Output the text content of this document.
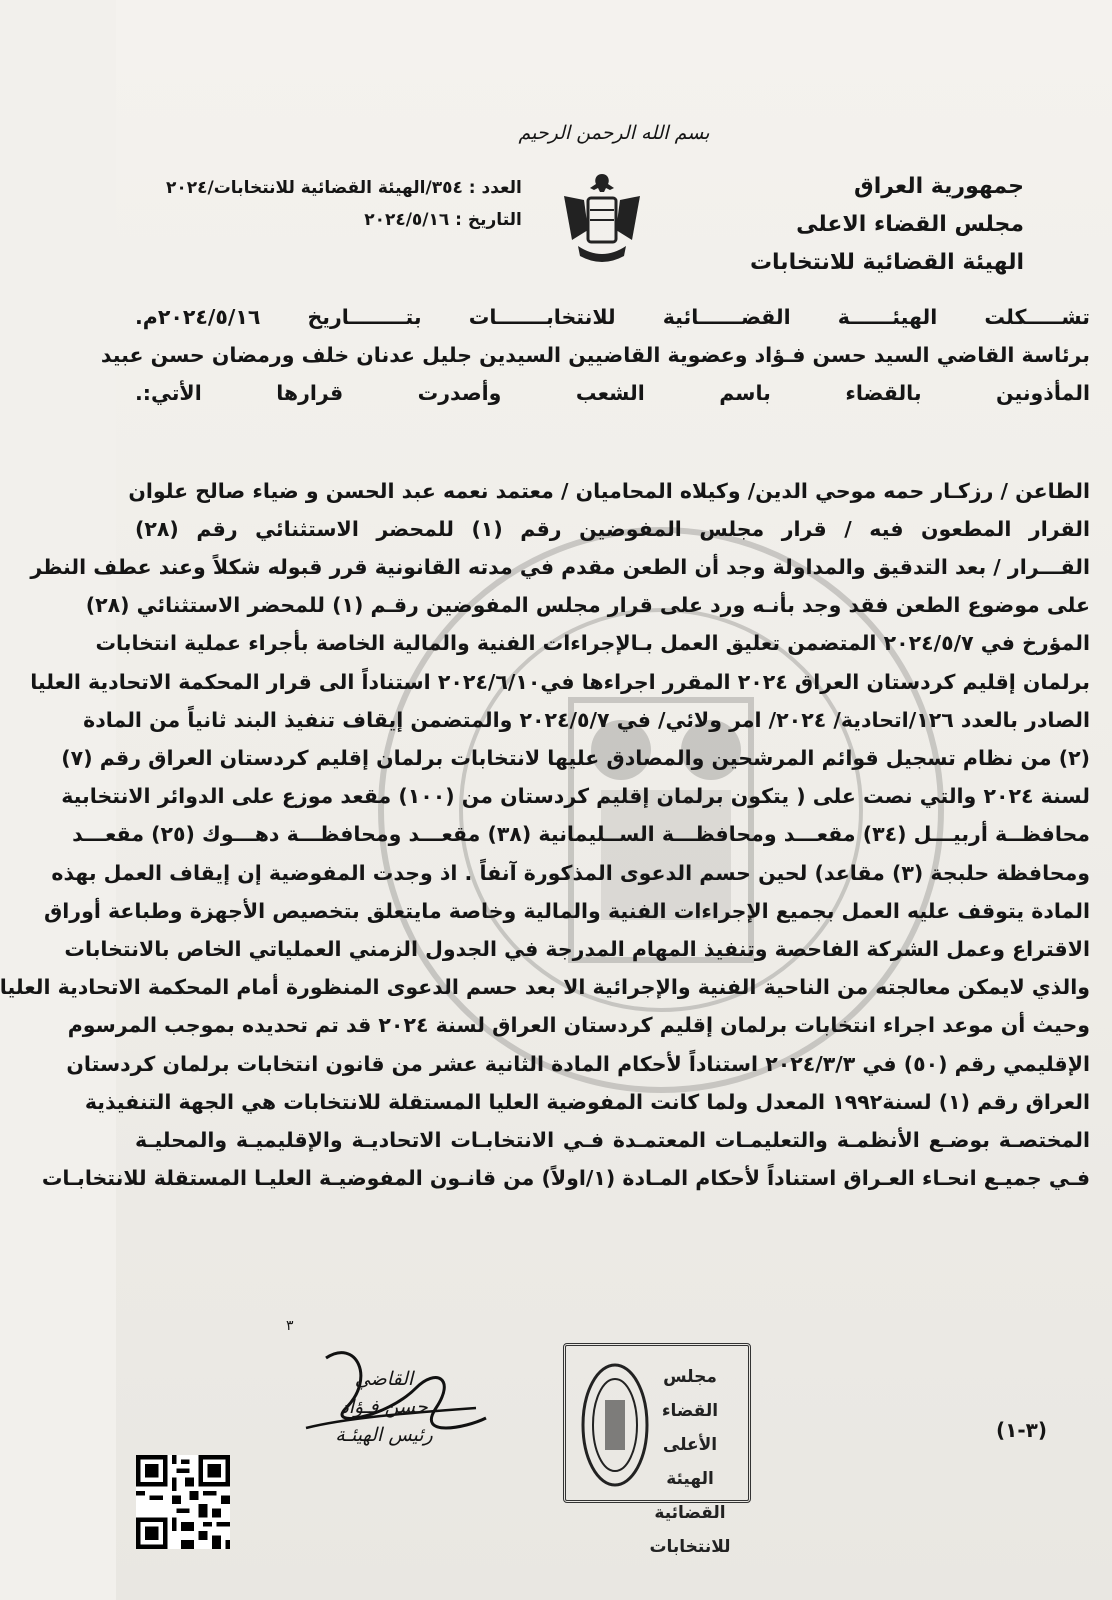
بسم الله الرحمن الرحيم
جمهورية العراق
مجلس القضاء الاعلى
الهيئة القضائية للانتخابات
العدد : ٣٥٤/الهيئة القضائية للانتخابات/٢٠٢٤
التاريخ : ٢٠٢٤/٥/١٦
تشـــــكلت الهيئــــــة القضــــــائية للانتخابـــــــات بتــــــــاريخ ٢٠٢٤/٥/١٦م.
برئاسة القاضي السيد حسن فـؤاد وعضوية القاضيين السيدين جليل عدنان خلف ورمضان حسن عبيد
المأذونين بالقضاء باسم الشعب وأصدرت قرارها الأتي:.
الطاعن / رزكـار حمه موحي الدين/ وكيلاه المحاميان / معتمد نعمه عبد الحسن و ضياء صالح علوان
القرار المطعون فيه / قرار مجلس المفوضين رقم (١) للمحضر الاستثنائي رقم (٢٨)
القـــرار / بعد التدقيق والمداولة وجد أن الطعن مقدم في مدته القانونية قرر قبوله شكلاً وعند عطف النظر
على موضوع الطعن فقد وجد بأنـه ورد على قرار مجلس المفوضين رقـم (١) للمحضر الاستثنائي (٢٨)
المؤرخ في ٢٠٢٤/٥/٧ المتضمن تعليق العمل بـالإجراءات الفنية والمالية الخاصة بأجراء عملية انتخابات
برلمان إقليم كردستان العراق ٢٠٢٤ المقرر اجراءها في٢٠٢٤/٦/١٠ استناداً الى قرار المحكمة الاتحادية العليا
الصادر بالعدد ١٢٦/اتحادية/ ٢٠٢٤/ امر ولائي/ في ٢٠٢٤/٥/٧ والمتضمن إيقاف تنفيذ البند ثانياً من المادة
(٢) من نظام تسجيل قوائم المرشحين والمصادق عليها لانتخابات برلمان إقليم كردستان العراق رقم (٧)
لسنة ٢٠٢٤ والتي نصت على ( يتكون برلمان إقليم كردستان من (١٠٠) مقعد موزع على الدوائر الانتخابية
محافظــة أربيـــل (٣٤) مقعـــد ومحافظـــة الســليمانية (٣٨) مقعـــد ومحافظـــة دهـــوك (٢٥) مقعـــد
ومحافظة حلبجة (٣) مقاعد) لحين حسم الدعوى المذكورة آنفاً . اذ وجدت المفوضية إن إيقاف العمل بهذه
المادة يتوقف عليه العمل بجميع الإجراءات الفنية والمالية وخاصة مايتعلق بتخصيص الأجهزة وطباعة أوراق
الاقتراع وعمل الشركة الفاحصة وتنفيذ المهام المدرجة في الجدول الزمني العملياتي الخاص بالانتخابات
والذي لايمكن معالجته من الناحية الفنية والإجرائية الا بعد حسم الدعوى المنظورة أمام المحكمة الاتحادية العليا
وحيث أن موعد اجراء انتخابات برلمان إقليم كردستان العراق لسنة ٢٠٢٤ قد تم تحديده بموجب المرسوم
الإقليمي رقم (٥٠) في ٢٠٢٤/٣/٣ استناداً لأحكام المادة الثانية عشر من قانون انتخابات برلمان كردستان
العراق رقم (١) لسنة١٩٩٢ المعدل ولما كانت المفوضية العليا المستقلة للانتخابات هي الجهة التنفيذية
المختصـة بوضـع الأنظمـة والتعليمـات المعتمـدة فـي الانتخابـات الاتحاديـة والإقليميـة والمحليـة
فـي جميـع انحـاء العـراق استناداً لأحكام المـادة (١/اولاً) من قانـون المفوضيـة العليـا المستقلة للانتخابـات
٣
القاضي
حسن فـؤاد
رئيس الهيئـة
مجلس القضاء الأعلى
الهيئة القضائية
للانتخابات
(٣-١)
